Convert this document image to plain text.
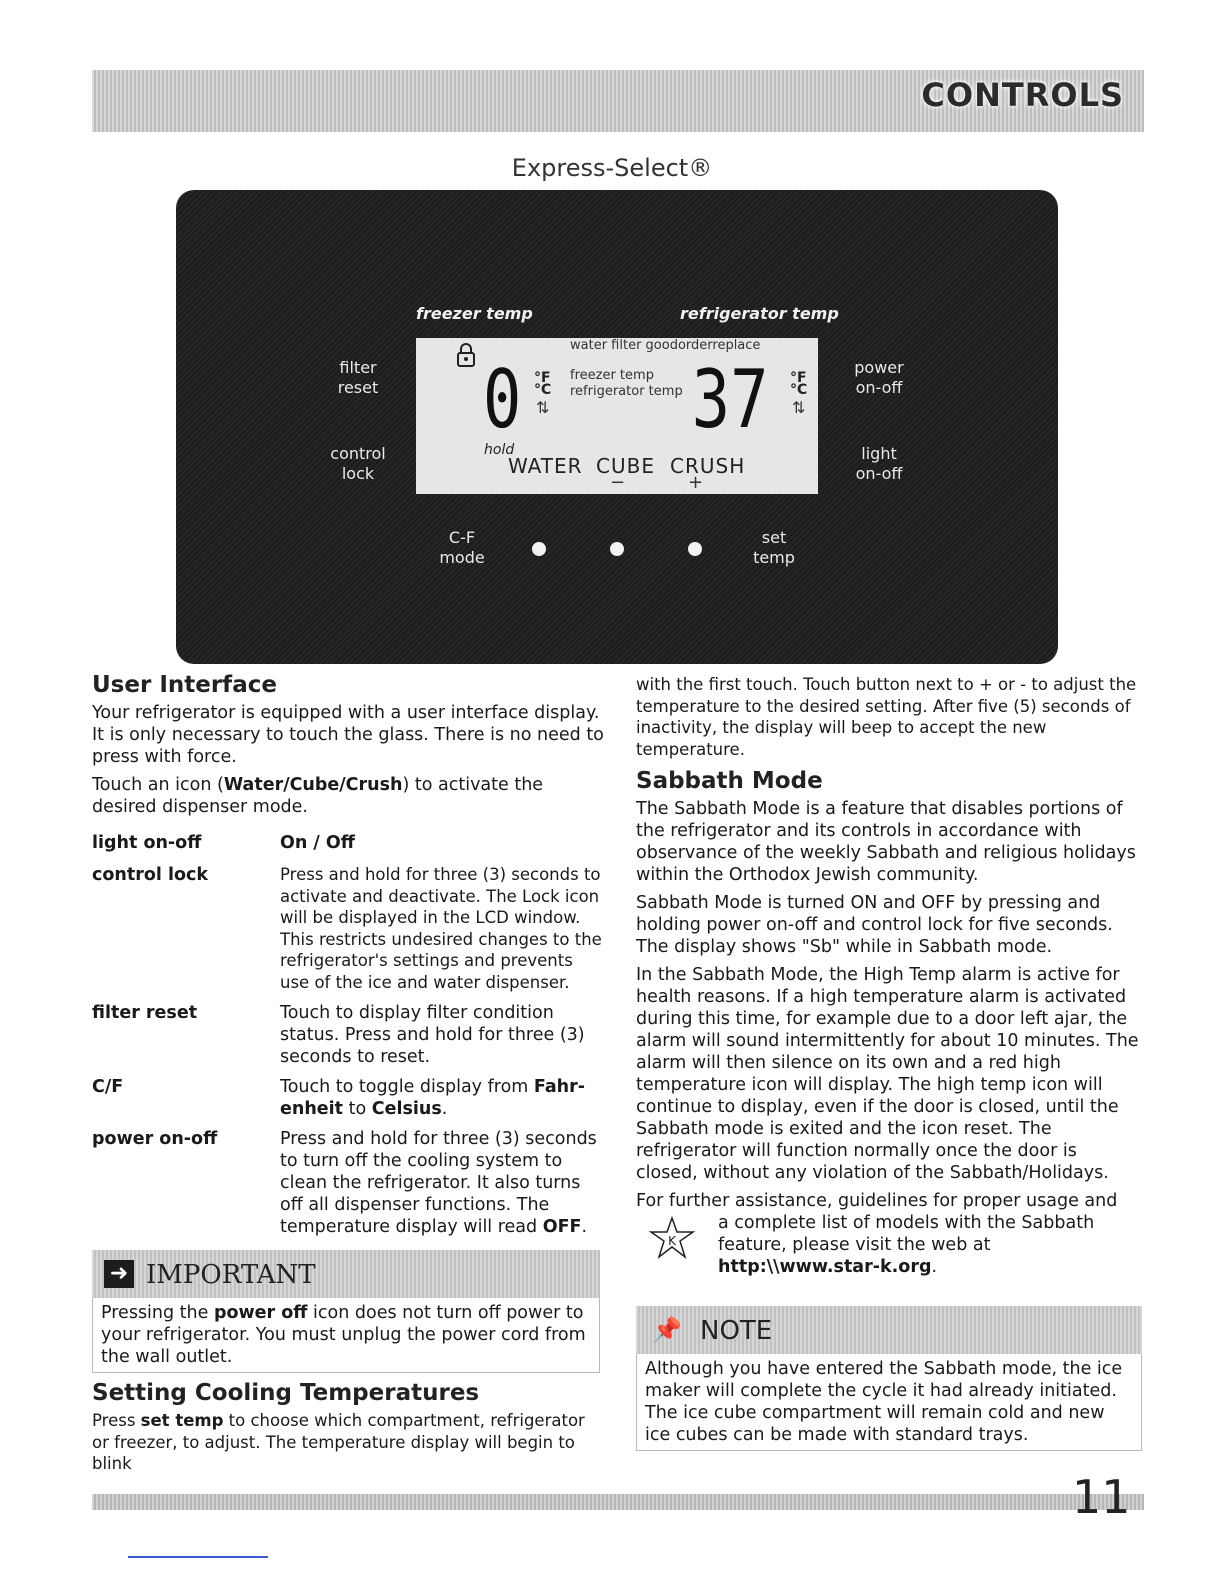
CONTROLS
Express-Select®
freezer temp	refrigerator temp
filter
reset
control
lock
power
on-off
light
on-off
C-F
mode
set
temp
water filter goodorderreplace
0 °F
°C
⇅
freezer temp
refrigerator temp 37 °F
°C
⇅
hold
WATER CUBE CRUSH
−	+
User Interface
Your refrigerator is equipped with a user interface display. It is only necessary to touch the glass. There is no need to press with force.
Touch an icon (Water/Cube/Crush) to activate the desired dispenser mode.
light on-off	On / Off
control lock	Press and hold for three (3) seconds to activate and deactivate. The Lock icon will be displayed in the LCD window. This restricts undesired changes to the refrigerator's settings and prevents use of the ice and water dispenser.
filter reset	Touch to display filter condition status. Press and hold for three (3) seconds to reset.
C/F	Touch to toggle display from Fahr-enheit to Celsius.
power on-off	Press and hold for three (3) seconds to turn off the cooling system to clean the refrigerator. It also turns off all dispenser functions. The temperature display will read OFF.
➜ IMPORTANT
Pressing the power off icon does not turn off power to your refrigerator. You must unplug the power cord from the wall outlet.
Setting Cooling Temperatures
Press set temp to choose which compartment, refrigerator or freezer, to adjust. The temperature display will begin to blink
with the first touch. Touch button next to + or - to adjust the temperature to the desired setting. After five (5) seconds of inactivity, the display will beep to accept the new temperature.
Sabbath Mode
The Sabbath Mode is a feature that disables portions of the refrigerator and its controls in accordance with observance of the weekly Sabbath and religious holidays within the Orthodox Jewish community.
Sabbath Mode is turned ON and OFF by pressing and holding power on-off and control lock for five seconds. The display shows "Sb" while in Sabbath mode.
In the Sabbath Mode, the High Temp alarm is active for health reasons. If a high temperature alarm is activated during this time, for example due to a door left ajar, the alarm will sound intermittently for about 10 minutes. The alarm will then silence on its own and a red high temperature icon will display. The high temp icon will continue to display, even if the door is closed, until the Sabbath mode is exited and the icon reset. The refrigerator will function normally once the door is closed, without any violation of the Sabbath/Holidays.
For further assistance, guidelines for proper usage and
K
a complete list of models with the Sabbath feature, please visit the web at http:\\www.star-k.org.
📌 NOTE
Although you have entered the Sabbath mode, the ice maker will complete the cycle it had already initiated. The ice cube compartment will remain cold and new ice cubes can be made with standard trays.
11
